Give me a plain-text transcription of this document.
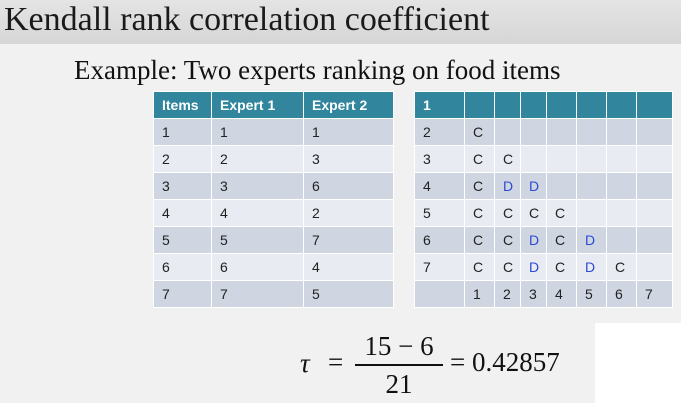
Kendall rank correlation coefficient
Example: Two experts ranking on food items
Items	Expert 1	Expert 2
1	1	1
2	2	3
3	3	6
4	4	2
5	5	7
6	6	4
7	7	5
1							
2	C						
3	C	C					
4	C	D	D				
5	C	C	C	C			
6	C	C	D	C	D		
7	C	C	D	C	D	C	
	1	2	3	4	5	6	7
τ =
15 − 6
21
= 0.42857
